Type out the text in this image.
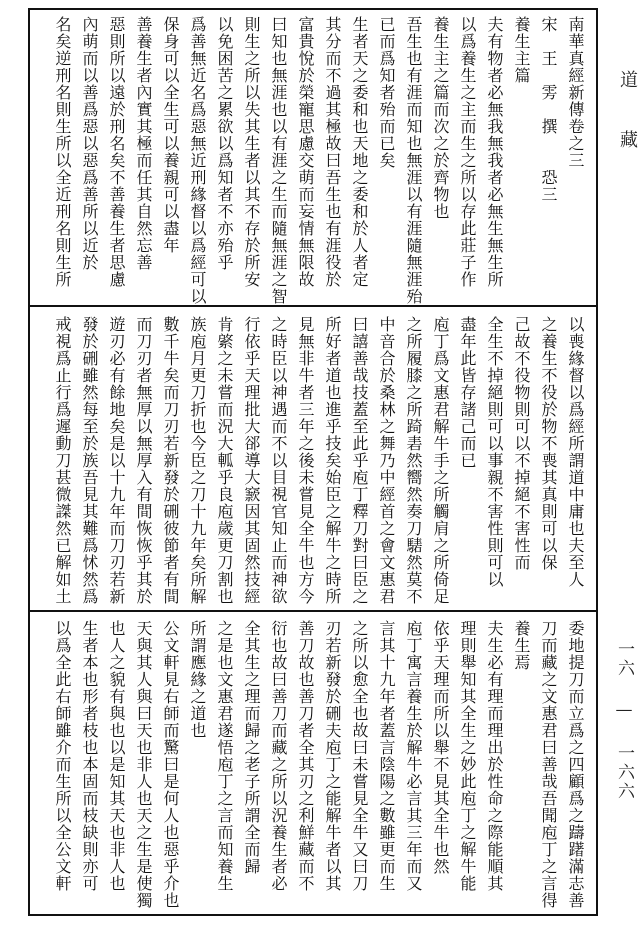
道
藏
一六 — 一六六
南華真經新傳卷之三
宋　王　雱　撰　　恐三
養生主篇
夫有物者必無我無我者必無生無生所
以爲養生之主而生之所以存此莊子作
養生主之篇而次之於齊物也
吾生也有涯而知也無涯以有涯隨無涯殆
已而爲知者殆而已矣
生者天之委和也天地之委和於人者定
其分而不過其極故曰吾生也有涯役於
富貴悅於榮寵思慮交萌而妄情無限故
曰知也無涯也以有涯之生而隨無涯之智
則生之所以失其生者以其不存於所安
以免困苦之累欲以爲知者不亦殆乎
爲善無近名爲惡無近刑緣督以爲經可以
保身可以全生可以養親可以盡年
善養生者內實其極而任其自然忘善
惡則所以遠於刑名矣不善養生者思慮
內萌而以善爲惡以惡爲善所以近於
名矣逆刑名則生所以全近刑名則生所
以喪緣督以爲經所謂道中庸也夫至人
之養生不役於物不喪其真則可以保
己故不役物則可以不掉絕不害性而
全生不掉絕則可以事親不害性則可以
盡年此皆存諸己而已
庖丁爲文惠君解牛手之所觸肩之所倚足
之所履膝之所踦砉然嚮然奏刀騞然莫不
中音合於桑林之舞乃中經首之會文惠君
曰譆善哉技蓋至此乎庖丁釋刀對曰臣之
所好者道也進乎技矣始臣之解牛之時所
見無非牛者三年之後未嘗見全牛也方今
之時臣以神遇而不以目視官知止而神欲
行依乎天理批大郤導大窾因其固然技經
肯綮之未嘗而況大軱乎良庖歲更刀割也
族庖月更刀折也今臣之刀十九年矣所解
數千牛矣而刀刃若新發於硎彼節者有間
而刀刃者無厚以無厚入有間恢恢乎其於
遊刃必有餘地矣是以十九年而刀刃若新
發於硎雖然每至於族吾見其難爲怵然爲
戒視爲止行爲遲動刀甚微謋然已解如土
委地提刀而立爲之四顧爲之躊躇滿志善
刀而藏之文惠君曰善哉吾聞庖丁之言得
養生焉
夫生必有理而理出於性命之際能順其
理則舉知其全生之妙此庖丁之解牛能
依乎天理而所以舉不見其全牛也然
庖丁寓言養生於解牛必言其三年而又
言其十九年者蓋言陰陽之數雖更而生
之所以愈全也故曰未嘗見全牛又曰刀
刃若新發於硎夫庖丁之能解牛者以其
善刀故也善刀者全其刃之利鮮藏而不
衍也故曰善刀而藏之所以況養生者必
全其生之理而歸之老子所謂全而歸
之是也文惠君遂悟庖丁之言而知養生
所謂應緣之道也
公文軒見右師而驚曰是何人也惡乎介也
天與其人與曰天也非人也天之生是使獨
也人之貌有與也以是知其天也非人也
生者本也形者枝也本固而枝缺則亦可
以爲全此右師雖介而生所以全公文軒
